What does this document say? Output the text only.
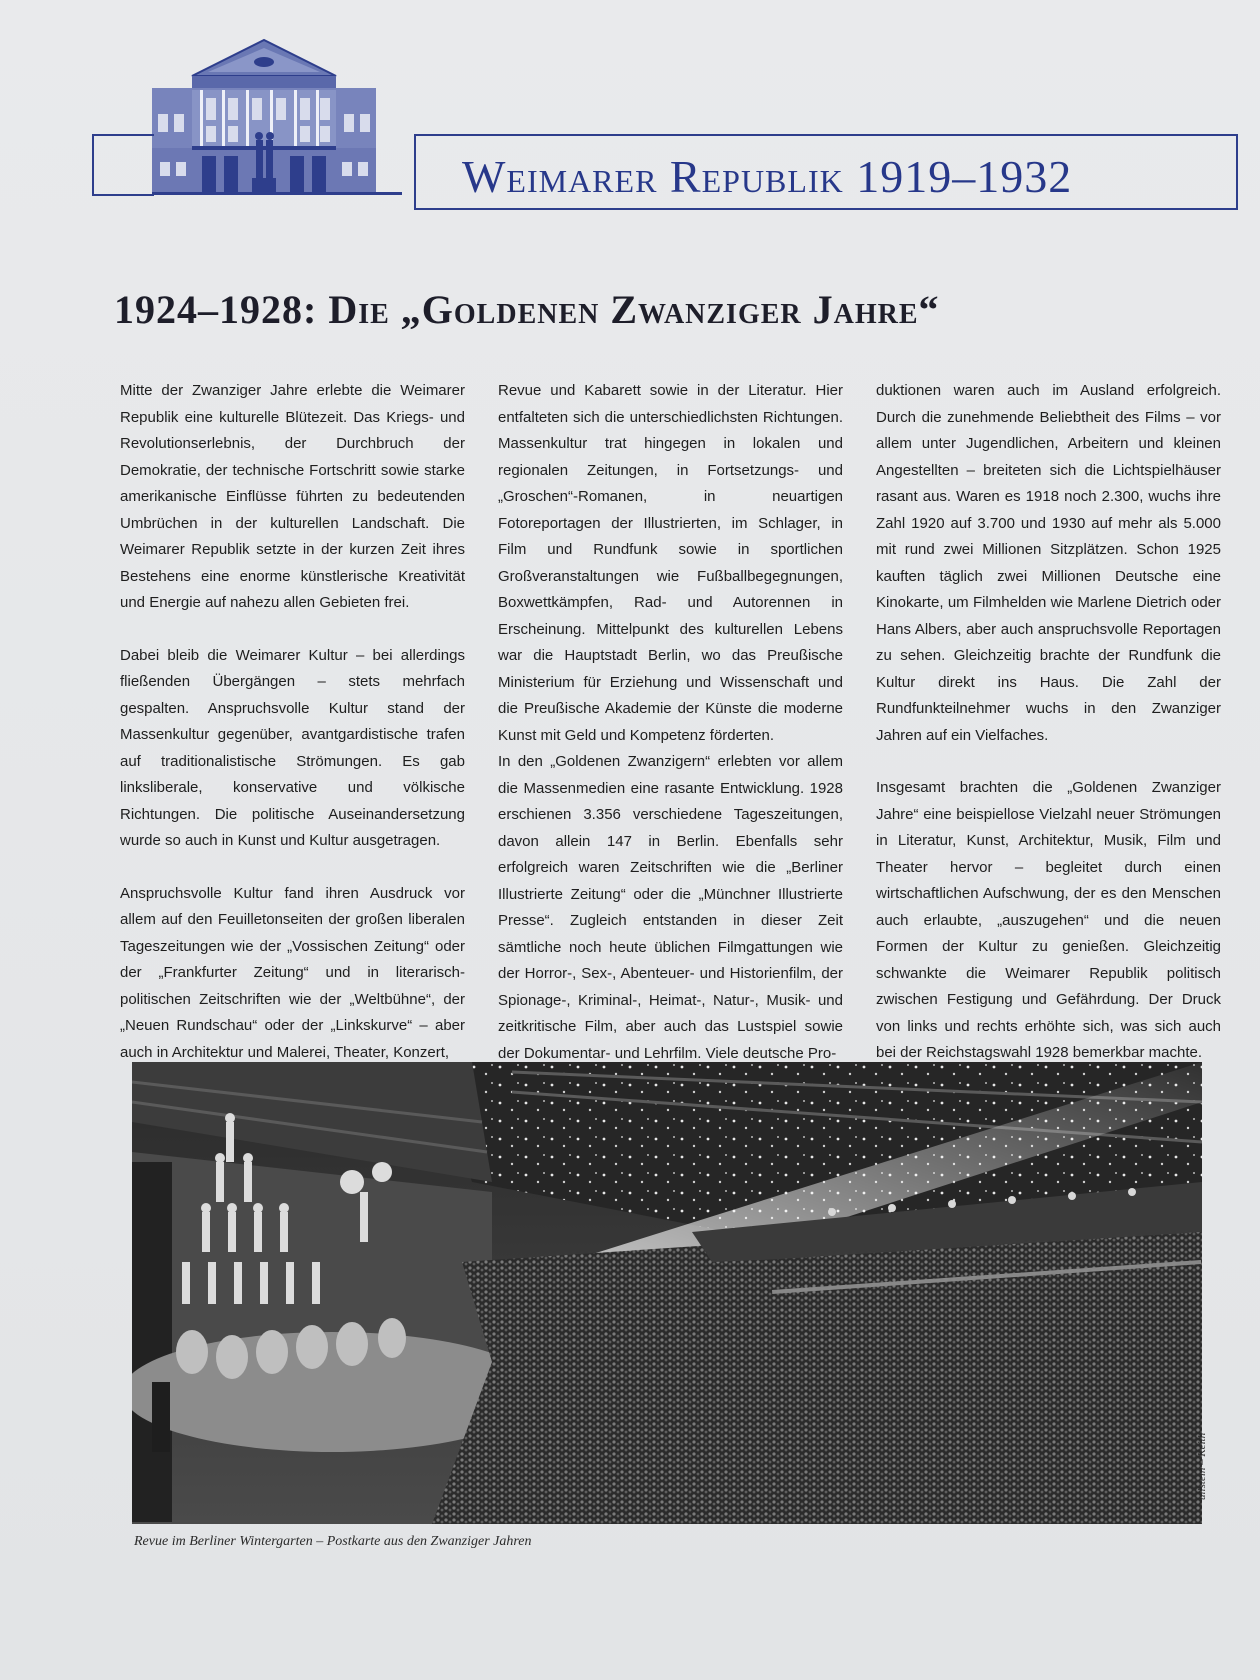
Weimarer Republik 1919–1932
1924–1928: Die „Goldenen Zwanziger Jahre“

Mitte der Zwanziger Jahre erlebte die Weimarer Republik eine kulturelle Blütezeit. Das Kriegs- und Revolutionserlebnis, der Durchbruch der Demokratie, der technische Fortschritt sowie starke amerikanische Einflüsse führten zu bedeutenden Umbrüchen in der kulturellen Landschaft. Die Weimarer Republik setzte in der kurzen Zeit ihres Bestehens eine enorme künstlerische Kreativität und Energie auf nahezu allen Gebieten frei.

Dabei bleib die Weimarer Kultur – bei allerdings fließenden Übergängen – stets mehrfach gespalten. Anspruchsvolle Kultur stand der Massenkultur gegenüber, avantgardistische trafen auf traditionalistische Strömungen. Es gab linksliberale, konservative und völkische Richtungen. Die politische Auseinandersetzung wurde so auch in Kunst und Kultur ausgetragen.

Anspruchsvolle Kultur fand ihren Ausdruck vor allem auf den Feuilletonseiten der großen liberalen Tageszeitungen wie der „Vossischen Zeitung“ oder der „Frankfurter Zeitung“ und in literarisch-politischen Zeitschriften wie der „Weltbühne“, der „Neuen Rundschau“ oder der „Linkskurve“ – aber auch in Architektur und Malerei, Theater, Konzert,

Revue und Kabarett sowie in der Literatur. Hier entfalteten sich die unterschiedlichsten Richtungen. Massenkultur trat hingegen in lokalen und regionalen Zeitungen, in Fortsetzungs- und „Groschen“-Romanen, in neuartigen Fotoreportagen der Illustrierten, im Schlager, in Film und Rundfunk sowie in sportlichen Großveranstaltungen wie Fußballbegegnungen, Boxwettkämpfen, Rad- und Autorennen in Erscheinung. Mittelpunkt des kulturellen Lebens war die Hauptstadt Berlin, wo das Preußische Ministerium für Erziehung und Wissenschaft und die Preußische Akademie der Künste die moderne Kunst mit Geld und Kompetenz förderten.

In den „Goldenen Zwanzigern“ erlebten vor allem die Massenmedien eine rasante Entwicklung. 1928 erschienen 3.356 verschiedene Tageszeitungen, davon allein 147 in Berlin. Ebenfalls sehr erfolgreich waren Zeitschriften wie die „Berliner Illustrierte Zeitung“ oder die „Münchner Illustrierte Presse“. Zugleich entstanden in dieser Zeit sämtliche noch heute üblichen Filmgattungen wie der Horror-, Sex-, Abenteuer- und Historienfilm, der Spionage-, Kriminal-, Heimat-, Natur-, Musik- und zeitkritische Film, aber auch das Lustspiel sowie der Dokumentar- und Lehrfilm. Viele deutsche Pro-

duktionen waren auch im Ausland erfolgreich. Durch die zunehmende Beliebtheit des Films – vor allem unter Jugendlichen, Arbeitern und kleinen Angestellten – breiteten sich die Lichtspielhäuser rasant aus. Waren es 1918 noch 2.300, wuchs ihre Zahl 1920 auf 3.700 und 1930 auf mehr als 5.000 mit rund zwei Millionen Sitzplätzen. Schon 1925 kauften täglich zwei Millionen Deutsche eine Kinokarte, um Filmhelden wie Marlene Dietrich oder Hans Albers, aber auch anspruchsvolle Reportagen zu sehen. Gleichzeitig brachte der Rundfunk die Kultur direkt ins Haus. Die Zahl der Rundfunkteilnehmer wuchs in den Zwanziger Jahren auf ein Vielfaches.

Insgesamt brachten die „Goldenen Zwanziger Jahre“ eine beispiellose Vielzahl neuer Strömungen in Literatur, Kunst, Architektur, Musik, Film und Theater hervor – begleitet durch einen wirtschaftlichen Aufschwung, der es den Menschen auch erlaubte, „auszugehen“ und die neuen Formen der Kultur zu genießen. Gleichzeitig schwankte die Weimarer Republik politisch zwischen Festigung und Gefährdung. Der Druck von links und rechts erhöhte sich, was sich auch bei der Reichstagswahl 1928 bemerkbar machte.

ullstein – Keith
Revue im Berliner Wintergarten – Postkarte aus den Zwanziger Jahren
